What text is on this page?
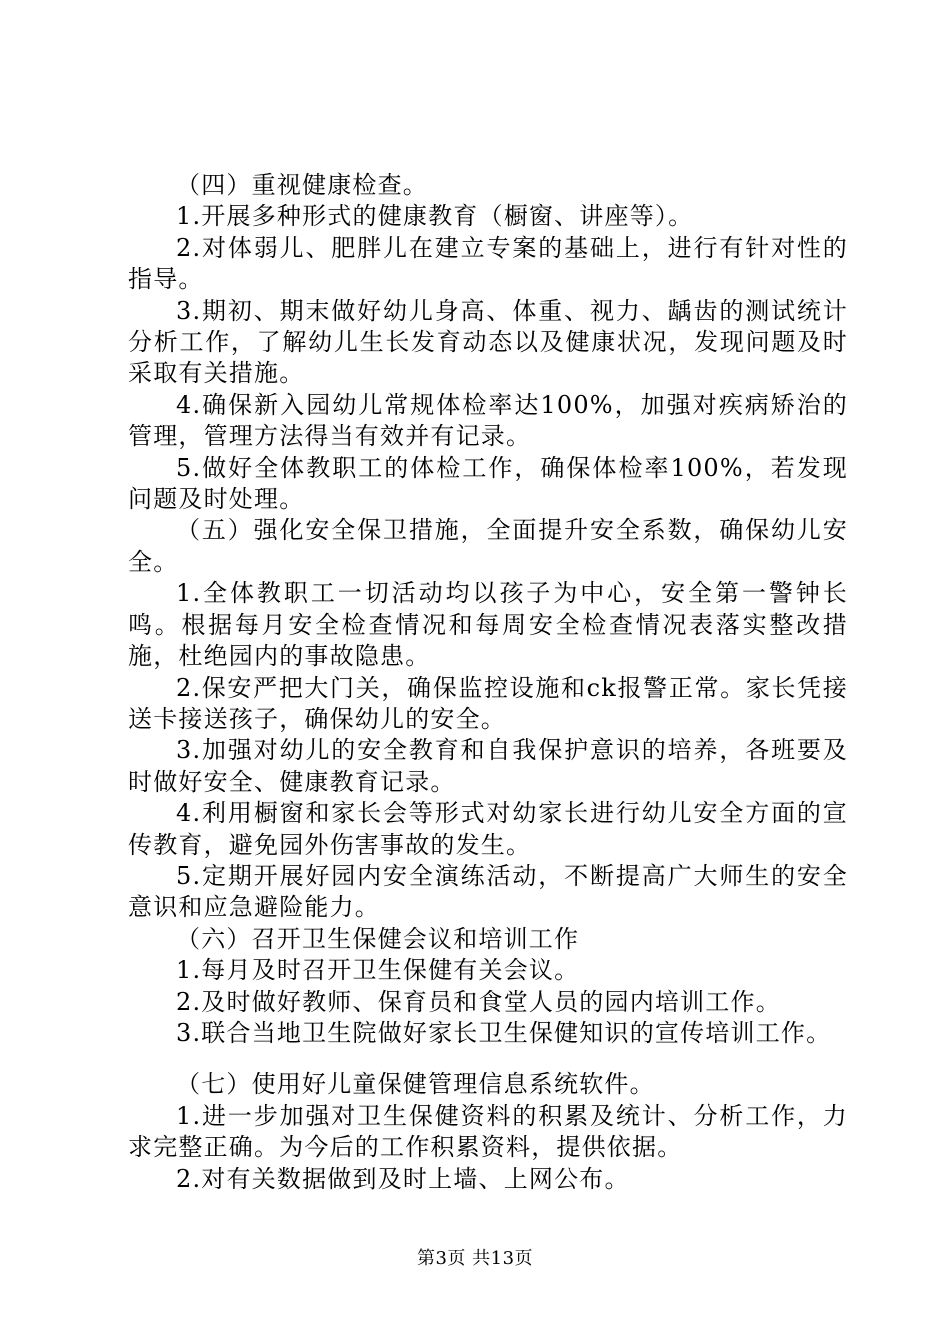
（四）重视健康检查。

1.开展多种形式的健康教育（橱窗、讲座等）。

2.对体弱儿、肥胖儿在建立专案的基础上，进行有针对性的指导。

3.期初、期末做好幼儿身高、体重、视力、龋齿的测试统计分析工作，了解幼儿生长发育动态以及健康状况，发现问题及时采取有关措施。

4.确保新入园幼儿常规体检率达100%，加强对疾病矫治的管理，管理方法得当有效并有记录。

5.做好全体教职工的体检工作，确保体检率100%，若发现问题及时处理。

（五）强化安全保卫措施，全面提升安全系数，确保幼儿安全。

1.全体教职工一切活动均以孩子为中心，安全第一警钟长鸣。根据每月安全检查情况和每周安全检查情况表落实整改措施，杜绝园内的事故隐患。

2.保安严把大门关，确保监控设施和ck报警正常。家长凭接送卡接送孩子，确保幼儿的安全。

3.加强对幼儿的安全教育和自我保护意识的培养，各班要及时做好安全、健康教育记录。

4.利用橱窗和家长会等形式对幼家长进行幼儿安全方面的宣传教育，避免园外伤害事故的发生。

5.定期开展好园内安全演练活动，不断提高广大师生的安全意识和应急避险能力。

（六）召开卫生保健会议和培训工作

1.每月及时召开卫生保健有关会议。

2.及时做好教师、保育员和食堂人员的园内培训工作。

3.联合当地卫生院做好家长卫生保健知识的宣传培训工作。

（七）使用好儿童保健管理信息系统软件。

1.进一步加强对卫生保健资料的积累及统计、分析工作，力求完整正确。为今后的工作积累资料，提供依据。

2.对有关数据做到及时上墙、上网公布。

第3页 共13页
